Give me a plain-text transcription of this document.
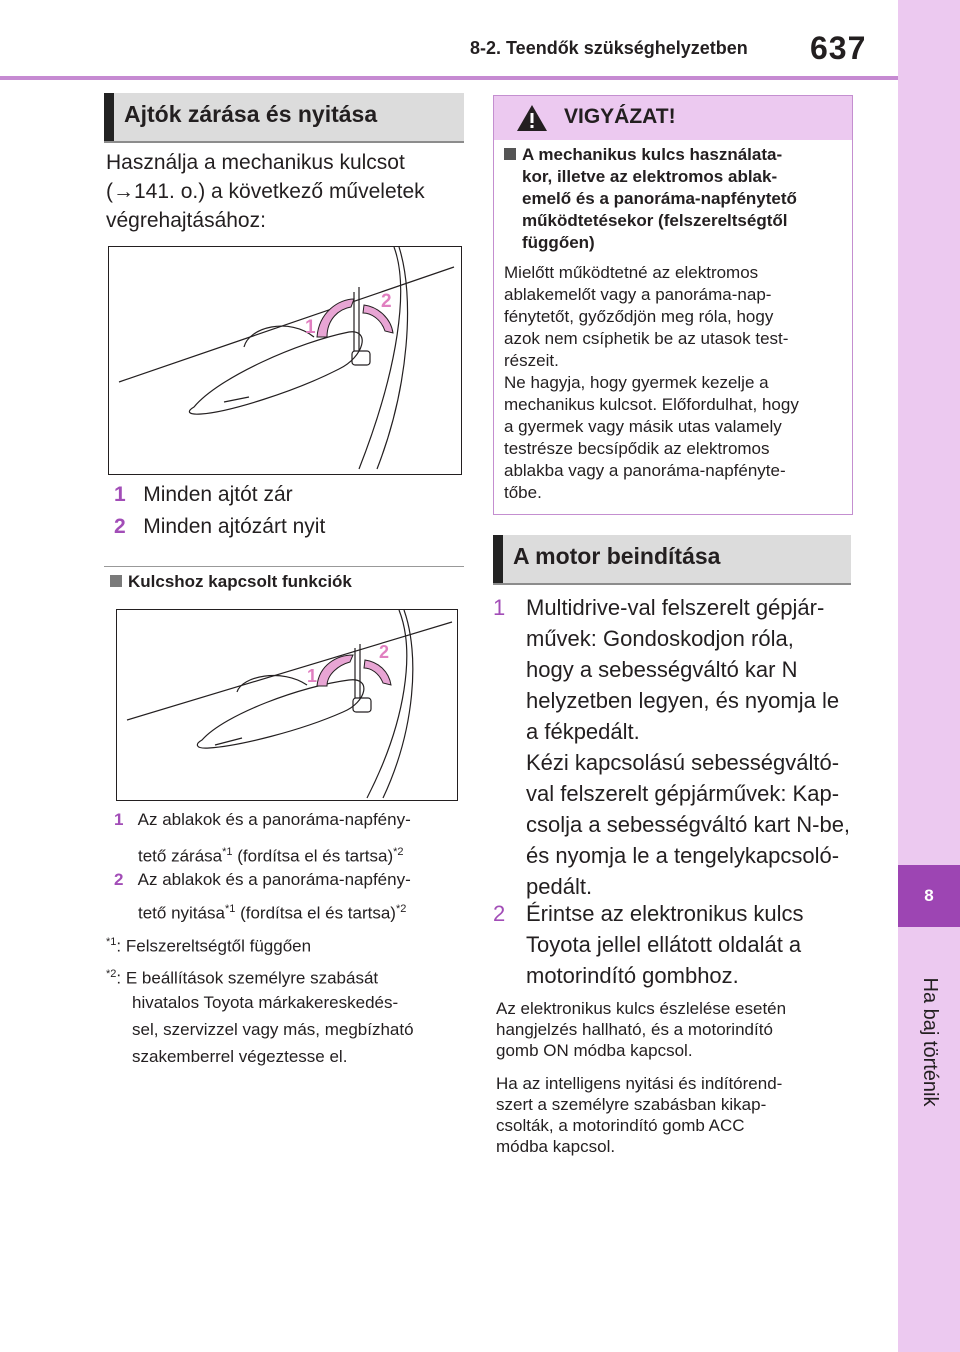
8-2. Teendők szükséghelyzetben 637
8
Ha baj történik
Ajtók zárása és nyitása
Használja a mechanikus kulcsot
(→141. o.) a következő műveletek
végrehajtásához:
1
2
1 Minden ajtót zár
2 Minden ajtózárt nyit
Kulcshoz kapcsolt funkciók
1
2
1 Az ablakok és a panoráma-napfény-
tető zárása$^{*1}$ (fordítsa el és tartsa)$^{*2}$
2 Az ablakok és a panoráma-napfény-
tető nyitása$^{*1}$ (fordítsa el és tartsa)$^{*2}$
$^{*1}$: Felszereltségtől függően
$^{*2}$: E beállítások személyre szabását
hivatalos Toyota márkakereskedés-
sel, szervizzel vagy más, megbízható
szakemberrel végeztesse el.
VIGYÁZAT!
A mechanikus kulcs használata-
kor, illetve az elektromos ablak-
emelő és a panoráma-napfénytető
működtetésekor (felszereltségtől
függően)
Mielőtt működtetné az elektromos
ablakemelőt vagy a panoráma-nap-
fénytetőt, győződjön meg róla, hogy
azok nem csíphetik be az utasok test-
részeit.
Ne hagyja, hogy gyermek kezelje a
mechanikus kulcsot. Előfordulhat, hogy
a gyermek vagy másik utas valamely
testrésze becsípődik az elektromos
ablakba vagy a panoráma-napfényte-
tőbe.
A motor beindítása
1 Multidrive-val felszerelt gépjár-
művek: Gondoskodjon róla,
hogy a sebességváltó kar N
helyzetben legyen, és nyomja le
a fékpedált.
Kézi kapcsolású sebességváltó-
val felszerelt gépjárművek: Kap-
csolja a sebességváltó kart N-be,
és nyomja le a tengelykapcsoló-
pedált.
2 Érintse az elektronikus kulcs
Toyota jellel ellátott oldalát a
motorindító gombhoz.
Az elektronikus kulcs észlelése esetén
hangjelzés hallható, és a motorindító
gomb ON módba kapcsol.
Ha az intelligens nyitási és indítórend-
szert a személyre szabásban kikap-
csolták, a motorindító gomb ACC
módba kapcsol.
